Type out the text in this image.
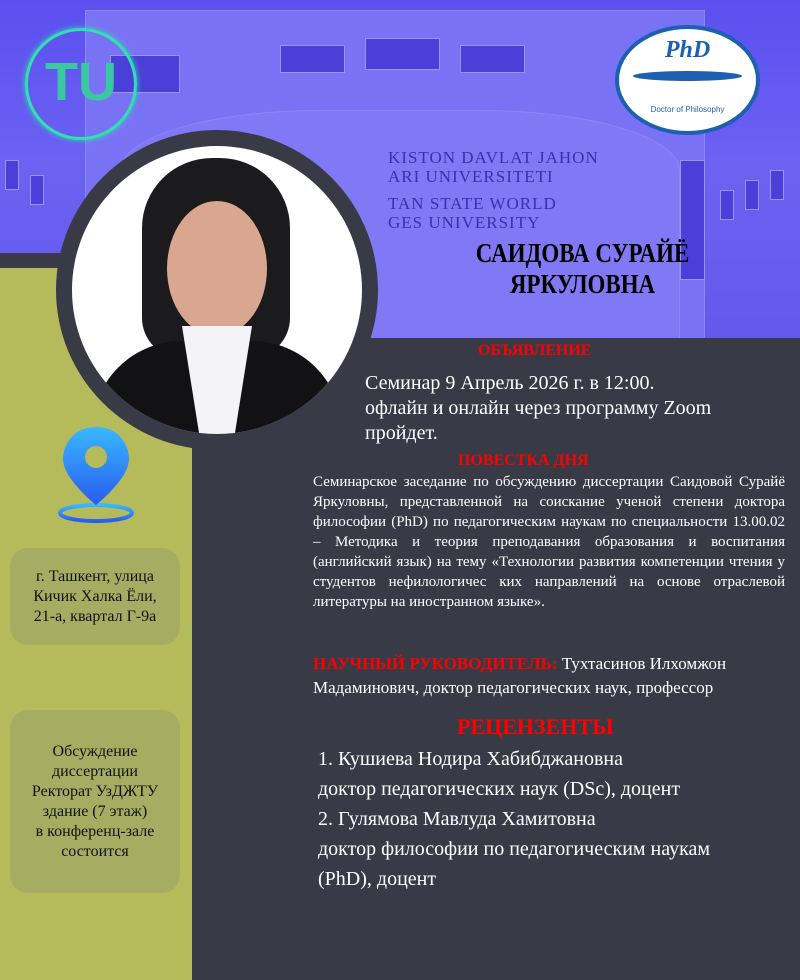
KISTON DAVLAT JAHON
ARI UNIVERSITETI
TAN STATE WORLD
GES UNIVERSITY
TU
PhD
Doctor of Philosophy
САИДОВА СУРАЙЁ
ЯРКУЛОВНА
ОБЪЯВЛЕНИЕ
Семинар 9 Апрель 2026 г. в 12:00.
офлайн и онлайн через программу Zoom
пройдет.
ПОВЕСТКА ДНЯ
Семинарское заседание по обсуждению диссертации Саидовой Сурайё Яркуловны, представленной на соискание ученой степени доктора философии (PhD) по педагогическим наукам по специальности 13.00.02 – Методика и теория преподавания образования и воспитания (английский язык) на тему «Технологии развития компетенции чтения у студентов нефилологичес ких направлений на основе отраслевой литературы на иностранном языке».
НАУЧНЫЙ РУКОВОДИТЕЛЬ: Тухтасинов Илхомжон Мадаминович, доктор педагогических наук, профессор
РЕЦЕНЗЕНТЫ
1. Кушиева Нодира Хабибджановна
доктор педагогических наук (DSc), доцент
2. Гулямова Мавлуда Хамитовна
доктор философии по педагогическим наукам
(PhD), доцент
г. Ташкент, улица Кичик Халка Ёли, 21-а, квартал Г-9а
Обсуждение
диссертации
Ректорат УзДЖТУ
здание (7 этаж)
в конференц-зале
состоится
